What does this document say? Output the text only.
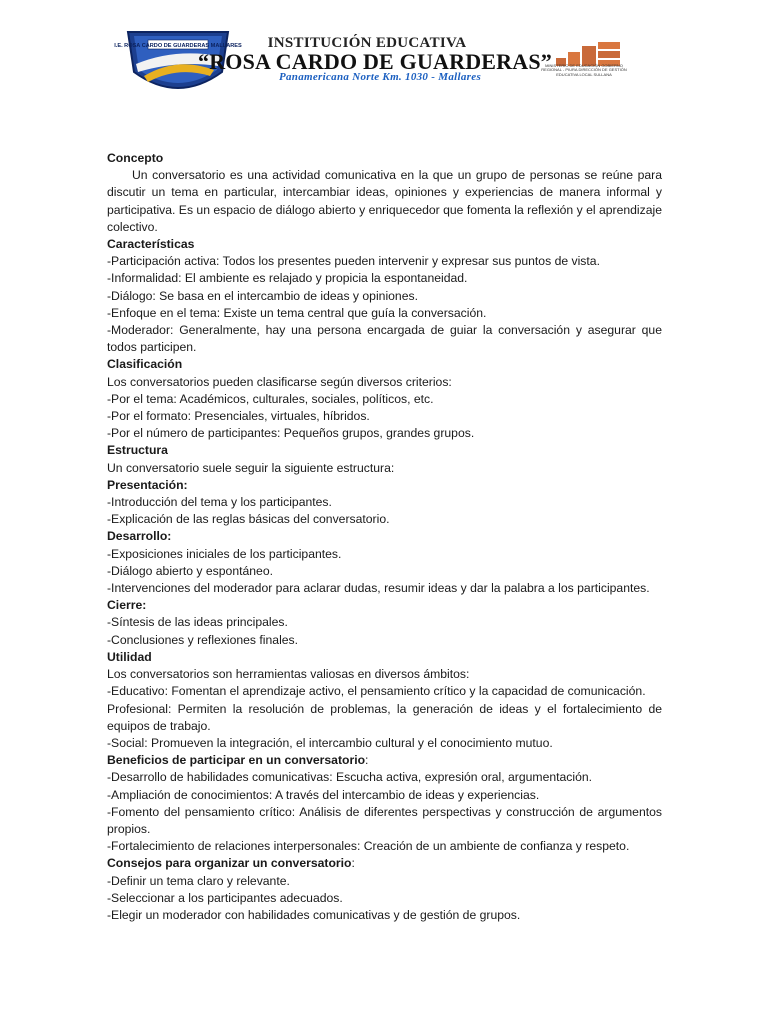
I.E. ROSA CARDO DE GUARDERAS MALLARES	INSTITUCIÓN EDUCATIVA
“ROSA CARDO DE GUARDERAS”
Panamericana Norte Km. 1030 - Mallares
MINISTERIO DE EDUCACIÓN GOBIERNO REGIONAL - PIURA DIRECCIÓN DE GESTIÓN EDUCATIVA LOCAL SULLANA

Concepto

Un conversatorio es una actividad comunicativa en la que un grupo de personas se reúne para discutir un tema en particular, intercambiar ideas, opiniones y experiencias de manera informal y participativa. Es un espacio de diálogo abierto y enriquecedor que fomenta la reflexión y el aprendizaje colectivo.

Características

-Participación activa: Todos los presentes pueden intervenir y expresar sus puntos de vista.

-Informalidad: El ambiente es relajado y propicia la espontaneidad.

-Diálogo: Se basa en el intercambio de ideas y opiniones.

-Enfoque en el tema: Existe un tema central que guía la conversación.

-Moderador: Generalmente, hay una persona encargada de guiar la conversación y asegurar que todos participen.

Clasificación

Los conversatorios pueden clasificarse según diversos criterios:

-Por el tema: Académicos, culturales, sociales, políticos, etc.

-Por el formato: Presenciales, virtuales, híbridos.

-Por el número de participantes: Pequeños grupos, grandes grupos.

Estructura

Un conversatorio suele seguir la siguiente estructura:

Presentación:

-Introducción del tema y los participantes.

-Explicación de las reglas básicas del conversatorio.

Desarrollo:

-Exposiciones iniciales de los participantes.

-Diálogo abierto y espontáneo.

-Intervenciones del moderador para aclarar dudas, resumir ideas y dar la palabra a los participantes.

Cierre:

-Síntesis de las ideas principales.

-Conclusiones y reflexiones finales.

Utilidad

Los conversatorios son herramientas valiosas en diversos ámbitos:

-Educativo: Fomentan el aprendizaje activo, el pensamiento crítico y la capacidad de comunicación.

Profesional: Permiten la resolución de problemas, la generación de ideas y el fortalecimiento de equipos de trabajo.

-Social: Promueven la integración, el intercambio cultural y el conocimiento mutuo.

Beneficios de participar en un conversatorio:

-Desarrollo de habilidades comunicativas: Escucha activa, expresión oral, argumentación.

-Ampliación de conocimientos: A través del intercambio de ideas y experiencias.

-Fomento del pensamiento crítico: Análisis de diferentes perspectivas y construcción de argumentos propios.

-Fortalecimiento de relaciones interpersonales: Creación de un ambiente de confianza y respeto.

Consejos para organizar un conversatorio:

-Definir un tema claro y relevante.

-Seleccionar a los participantes adecuados.

-Elegir un moderador con habilidades comunicativas y de gestión de grupos.
